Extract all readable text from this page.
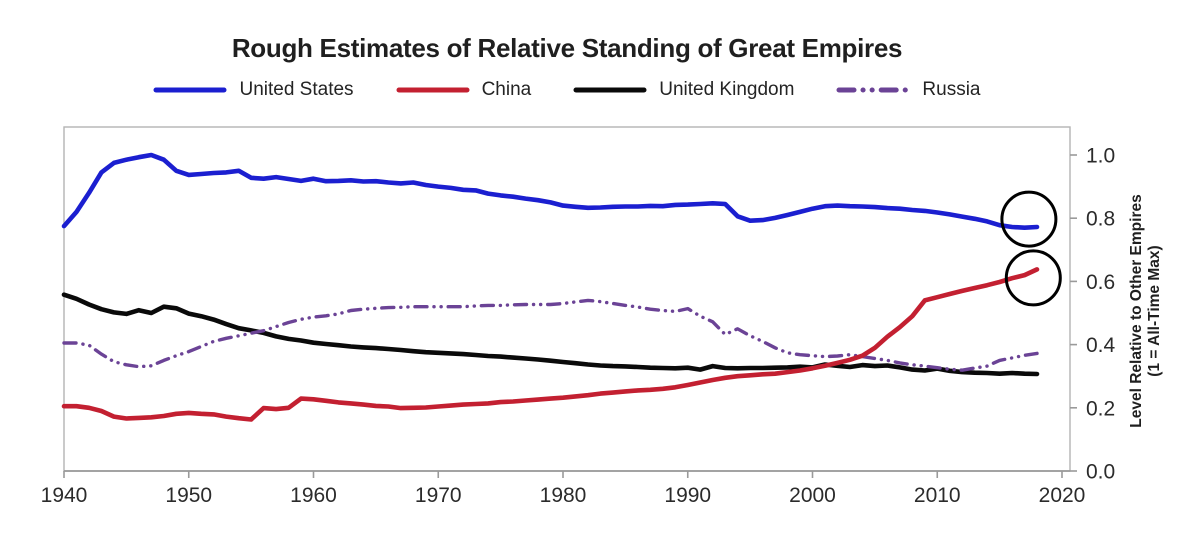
1940	1950	1960	1970	1980	1990	2000	2010	2020
0.0
0.2
0.4
0.6
0.8
1.0
Level Relative to Other Empires (1 = All-Time Max)
Rough Estimates of Relative Standing of Great Empires
United States	China	United Kingdom	Russia
